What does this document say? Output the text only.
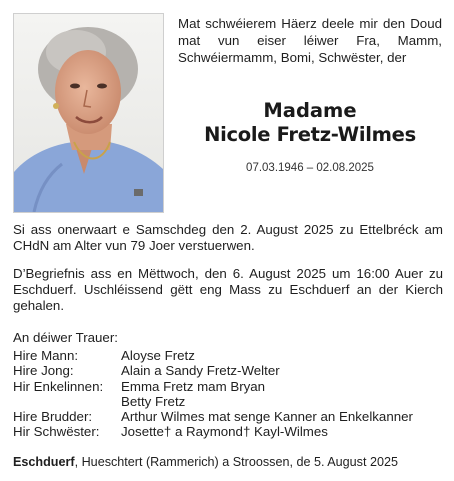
Mat schwéierem Häerz deele mir den Doud mat vun eiser léiwer Fra, Mamm, Schwéiermamm, Bomi, Schwëster, der
Madame
Nicole Fretz-Wilmes
07.03.1946 – 02.08.2025
Si ass onerwaart e Samschdeg den 2. August 2025 zu Ettelbréck am CHdN am Alter vun 79 Joer verstuerwen.
D’Begriefnis ass en Mëttwoch, den 6. August 2025 um 16:00 Auer zu Eschduerf. Uschléissend gëtt eng Mass zu Eschduerf an der Kierch gehalen.
An déiwer Trauer:
Hire Mann:	Aloyse Fretz
Hire Jong:	Alain a Sandy Fretz-Welter
Hir Enkelinnen:	Emma Fretz mam Bryan
Betty Fretz
Hire Brudder:	Arthur Wilmes mat senge Kanner an Enkelkanner
Hir Schwëster:	Josette† a Raymond† Kayl-Wilmes
Eschduerf, Hueschtert (Rammerich) a Stroossen, de 5. August 2025
